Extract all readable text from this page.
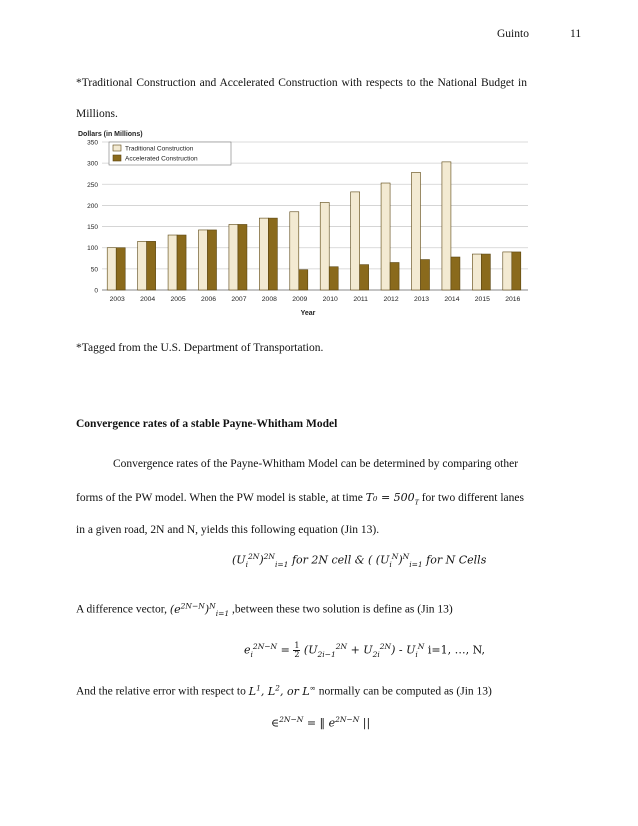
Guinto	11
*Traditional Construction and Accelerated Construction with respects to the National Budget in
Millions.
Dollars (in Millions)
0
50
100
150
200
250
300
350
2003 2004 2005 2006 2007 2008 2009 2010 2011 2012 2013 2014 2015 2016
Traditional Construction
Accelerated Construction
Year
*Tagged from the U.S. Department of Transportation.
Convergence rates of a stable Payne-Whitham Model
Convergence rates of the Payne-Whitham Model can be determined by comparing other
forms of the PW model. When the PW model is stable, at time $T_0 = 500_T$ for two different lanes
in a given road, 2N and N, yields this following equation (Jin 13).
$(U_i^{2N})^{2N}_{i=1}$ for 2N cell & ( $(U_i^N)^N_{i=1}$ for N Cells
A difference vector, $(e^{2N-N})^N_{i=1}$ ,between these two solution is define as (Jin 13)
$e_i^{2N-N} = \frac{1}{2} (U_{2i-1}^{2N} + U_{2i}^{2N}) - U_i^N$ i=1, …, N,
And the relative error with respect to $L^1$, $L^2$, or L∞ normally can be computed as (Jin 13)
∈$^{2N-N}$ = ‖ $e^{2N-N}$ ||
